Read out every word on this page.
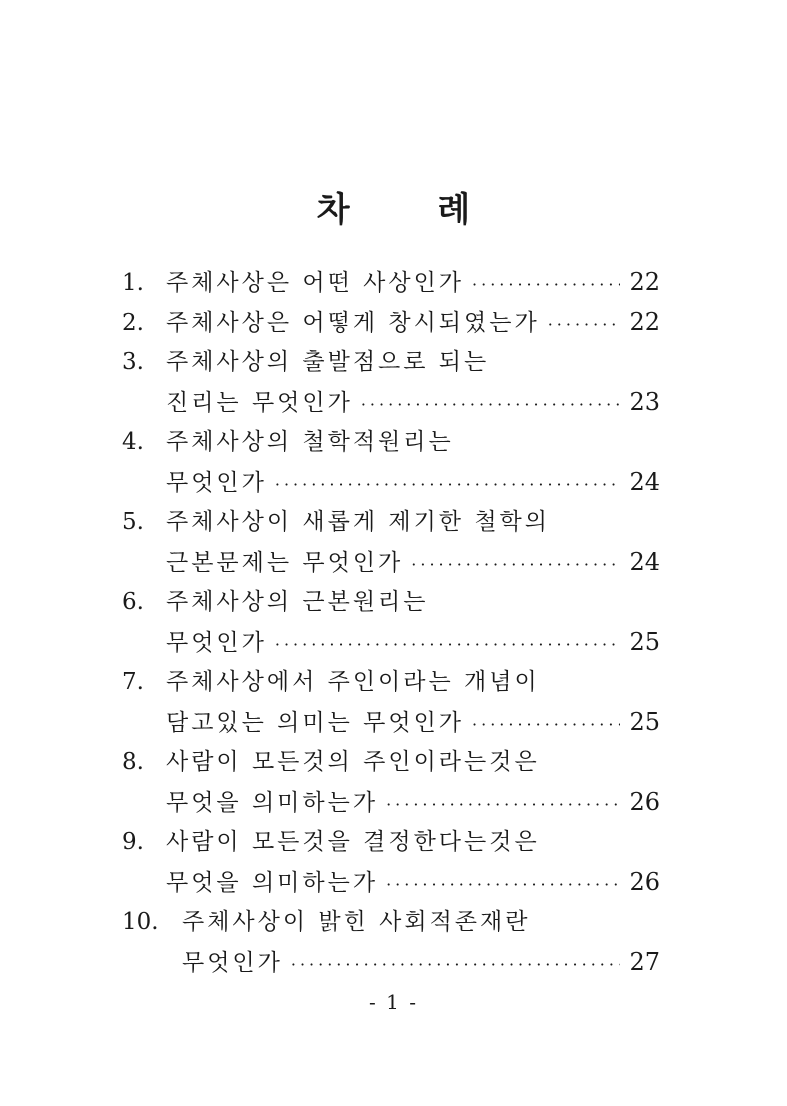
차 례
1. 주체사상은 어떤 사상인가 ·····	22
2. 주체사상은 어떻게 창시되였는가 ·····	22
3. 주체사상의 출발점으로 되는
진리는 무엇인가 ·····	23
4. 주체사상의 철학적원리는
무엇인가 ·····	24
5. 주체사상이 새롭게 제기한 철학의
근본문제는 무엇인가 ·····	24
6. 주체사상의 근본원리는
무엇인가 ·····	25
7. 주체사상에서 주인이라는 개념이
담고있는 의미는 무엇인가 ·····	25
8. 사람이 모든것의 주인이라는것은
무엇을 의미하는가 ·····	26
9. 사람이 모든것을 결정한다는것은
무엇을 의미하는가 ·····	26
10.	주체사상이 밝힌 사회적존재란
무엇인가 ·····	27
- 1 -
